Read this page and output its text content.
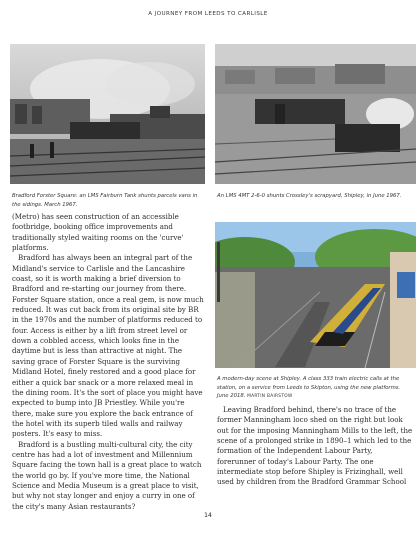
A JOURNEY FROM LEEDS TO CARLISLE
Bradford Forster Square: an LMS Fairburn Tank shunts parcels vans in the sidings. March 1967.
An LMS 4MT 2-6-0 shunts Crossley's scrapyard, Shipley, in June 1967.
A modern-day scene at Shipley. A class 333 train electric calls at the station, on a service from Leeds to Skipton, using the new platforms. June 2018. MARTIN BAIRSTOW

(Metro) has seen construction of an accessible footbridge, booking office improvements and traditionally styled waiting rooms on the 'curve' platforms.

Bradford has always been an integral part of the Midland's service to Carlisle and the Lancashire coast, so it is worth making a brief diversion to Bradford and re-starting our journey from there. Forster Square station, once a real gem, is now much reduced. It was cut back from its original site by BR in the 1970s and the number of platforms reduced to four. Access is either by a lift from street level or down a cobbled access, which looks fine in the daytime but is less than attractive at night. The saving grace of Forster Square is the surviving Midland Hotel, finely restored and a good place for either a quick bar snack or a more relaxed meal in the dining room. It's the sort of place you might have expected to bump into JB Priestley. While you're there, make sure you explore the back entrance of the hotel with its superb tiled walls and railway posters. It's easy to miss.

Bradford is a bustling multi-cultural city, the city centre has had a lot of investment and Millennium Square facing the town hall is a great place to watch the world go by. If you've more time, the National Science and Media Museum is a great place to visit, but why not stay longer and enjoy a curry in one of the city's many Asian restaurants?

Leaving Bradford behind, there's no trace of the former Manningham loco shed on the right but look out for the imposing Manningham Mills to the left, the scene of a prolonged strike in 1890–1 which led to the formation of the Independent Labour Party, forerunner of today's Labour Party. The one intermediate stop before Shipley is Frizinghall, well used by children from the Bradford Grammar School

14
